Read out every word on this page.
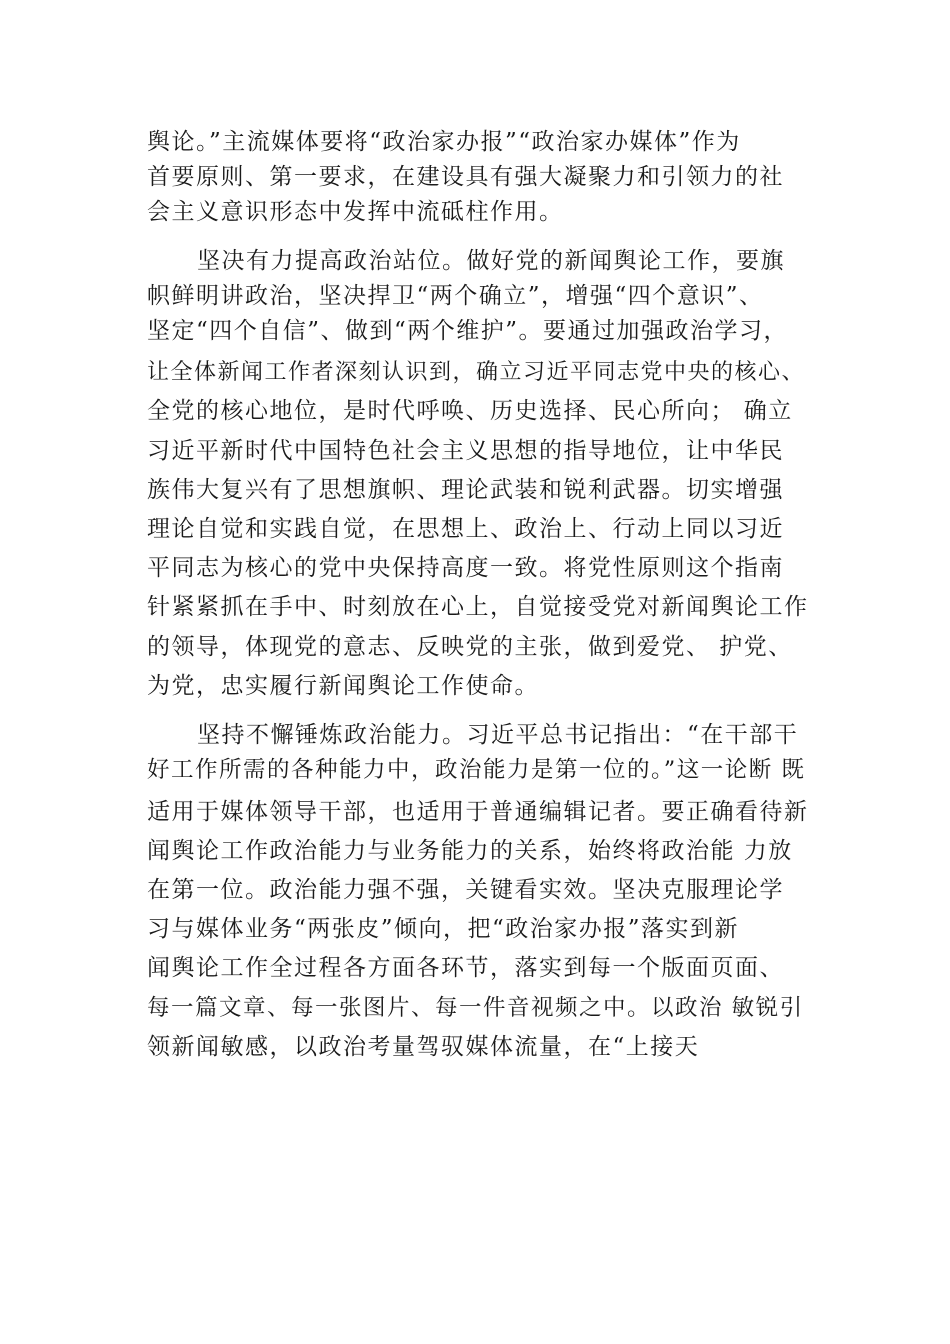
舆论。”主流媒体要将“政治家办报”“政治家办媒体”作为
首要原则、第一要求，在建设具有强大凝聚力和引领力的社
会主义意识形态中发挥中流砥柱作用。
坚决有力提高政治站位。做好党的新闻舆论工作，要旗
帜鲜明讲政治，坚决捍卫“两个确立”，增强“四个意识”、
坚定“四个自信”、做到“两个维护”。要通过加强政治学习，
让全体新闻工作者深刻认识到，确立习近平同志党中央的核心、
全党的核心地位，是时代呼唤、历史选择、民心所向； 确立
习近平新时代中国特色社会主义思想的指导地位，让中华民
族伟大复兴有了思想旗帜、理论武装和锐利武器。切实增强
理论自觉和实践自觉，在思想上、政治上、行动上同以习近
平同志为核心的党中央保持高度一致。将党性原则这个指南
针紧紧抓在手中、时刻放在心上，自觉接受党对新闻舆论工作
的领导，体现党的意志、反映党的主张，做到爱党、 护党、
为党，忠实履行新闻舆论工作使命。
坚持不懈锤炼政治能力。习近平总书记指出：“在干部干
好工作所需的各种能力中，政治能力是第一位的。”这一论断 既
适用于媒体领导干部，也适用于普通编辑记者。要正确看待新
闻舆论工作政治能力与业务能力的关系，始终将政治能 力放
在第一位。政治能力强不强，关键看实效。坚决克服理论学
习与媒体业务“两张皮”倾向，把“政治家办报”落实到新
闻舆论工作全过程各方面各环节，落实到每一个版面页面、
每一篇文章、每一张图片、每一件音视频之中。以政治 敏锐引
领新闻敏感，以政治考量驾驭媒体流量，在“上接天
